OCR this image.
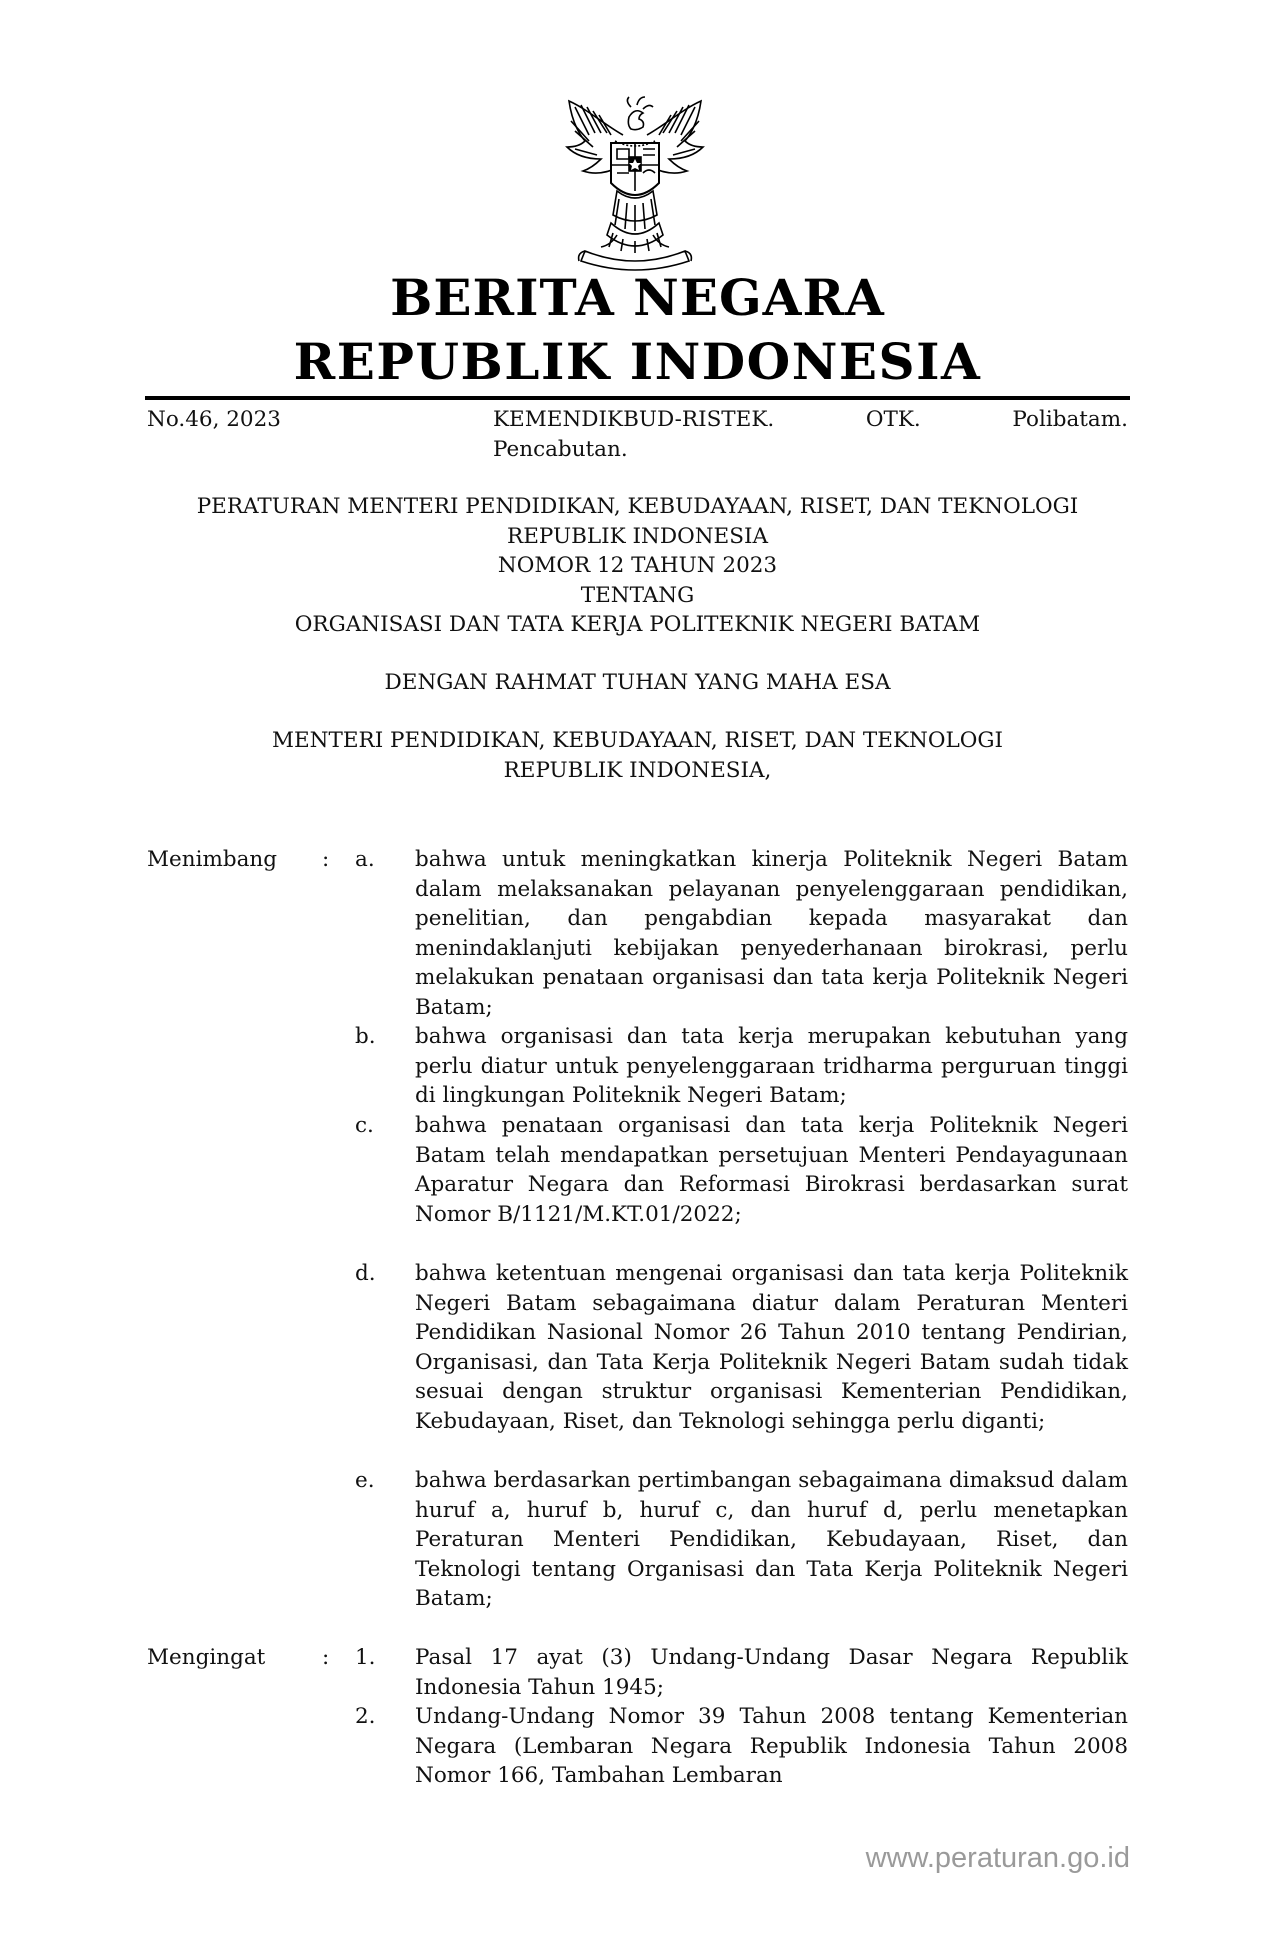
BERITA NEGARA
REPUBLIK INDONESIA
No.46, 2023	KEMENDIKBUD-RISTEK.	OTK.	Polibatam.
Pencabutan.
PERATURAN MENTERI PENDIDIKAN, KEBUDAYAAN, RISET, DAN TEKNOLOGI
REPUBLIK INDONESIA
NOMOR 12 TAHUN 2023
TENTANG
ORGANISASI DAN TATA KERJA POLITEKNIK NEGERI BATAM
DENGAN RAHMAT TUHAN YANG MAHA ESA
MENTERI PENDIDIKAN, KEBUDAYAAN, RISET, DAN TEKNOLOGI
REPUBLIK INDONESIA,
Menimbang : a. bahwa untuk meningkatkan kinerja Politeknik Negeri Batam dalam melaksanakan pelayanan penyelenggaraan pendidikan, penelitian, dan pengabdian kepada masyarakat dan menindaklanjuti kebijakan penyederhanaan birokrasi, perlu melakukan penataan organisasi dan tata kerja Politeknik Negeri Batam;
b. bahwa organisasi dan tata kerja merupakan kebutuhan yang perlu diatur untuk penyelenggaraan tridharma perguruan tinggi di lingkungan Politeknik Negeri Batam;
c. bahwa penataan organisasi dan tata kerja Politeknik Negeri Batam telah mendapatkan persetujuan Menteri Pendayagunaan Aparatur Negara dan Reformasi Birokrasi berdasarkan surat Nomor B/1121/M.KT.01/2022;
d. bahwa ketentuan mengenai organisasi dan tata kerja Politeknik Negeri Batam sebagaimana diatur dalam Peraturan Menteri Pendidikan Nasional Nomor 26 Tahun 2010 tentang Pendirian, Organisasi, dan Tata Kerja Politeknik Negeri Batam sudah tidak sesuai dengan struktur organisasi Kementerian Pendidikan, Kebudayaan, Riset, dan Teknologi sehingga perlu diganti;
e. bahwa berdasarkan pertimbangan sebagaimana dimaksud dalam huruf a, huruf b, huruf c, dan huruf d, perlu menetapkan Peraturan Menteri Pendidikan, Kebudayaan, Riset, dan Teknologi tentang Organisasi dan Tata Kerja Politeknik Negeri Batam;
Mengingat	: 1. Pasal 17 ayat (3) Undang-Undang Dasar Negara Republik Indonesia Tahun 1945;
2. Undang-Undang Nomor 39 Tahun 2008 tentang Kementerian Negara (Lembaran Negara Republik Indonesia Tahun 2008 Nomor 166, Tambahan Lembaran
www.peraturan.go.id
